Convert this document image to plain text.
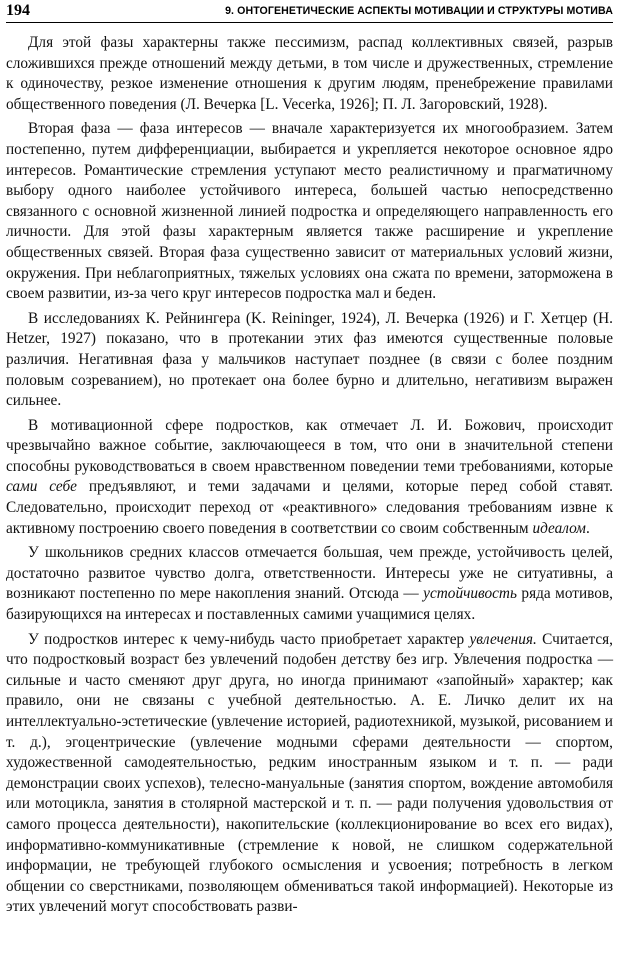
194	9. ОНТОГЕНЕТИЧЕСКИЕ АСПЕКТЫ МОТИВАЦИИ И СТРУКТУРЫ МОТИВА

Для этой фазы характерны также пессимизм, распад коллективных связей, разрыв сложившихся прежде отношений между детьми, в том числе и дружественных, стремление к одиночеству, резкое изменение отношения к другим людям, пренебрежение правилами общественного поведения (Л. Вечерка [L. Vecerka, 1926]; П. Л. Загоровский, 1928).

Вторая фаза — фаза интересов — вначале характеризуется их многообразием. Затем постепенно, путем дифференциации, выбирается и укрепляется некоторое основное ядро интересов. Романтические стремления уступают место реалистичному и прагматичному выбору одного наиболее устойчивого интереса, большей частью непосредственно связанного с основной жизненной линией подростка и определяющего направленность его личности. Для этой фазы характерным является также расширение и укрепление общественных связей. Вторая фаза существенно зависит от материальных условий жизни, окружения. При неблагоприятных, тяжелых условиях она сжата по времени, заторможена в своем развитии, из-за чего круг интересов подростка мал и беден.

В исследованиях К. Рейнингера (K. Reininger, 1924), Л. Вечерка (1926) и Г. Хетцер (H. Hetzer, 1927) показано, что в протекании этих фаз имеются существенные половые различия. Негативная фаза у мальчиков наступает позднее (в связи с более поздним половым созреванием), но протекает она более бурно и длительно, негативизм выражен сильнее.

В мотивационной сфере подростков, как отмечает Л. И. Божович, происходит чрезвычайно важное событие, заключающееся в том, что они в значительной степени способны руководствоваться в своем нравственном поведении теми требованиями, которые сами себе предъявляют, и теми задачами и целями, которые перед собой ставят. Следовательно, происходит переход от «реактивного» следования требованиям извне к активному построению своего поведения в соответствии со своим собственным идеалом.

У школьников средних классов отмечается большая, чем прежде, устойчивость целей, достаточно развитое чувство долга, ответственности. Интересы уже не ситуативны, а возникают постепенно по мере накопления знаний. Отсюда — устойчивость ряда мотивов, базирующихся на интересах и поставленных самими учащимися целях.

У подростков интерес к чему-нибудь часто приобретает характер увлечения. Считается, что подростковый возраст без увлечений подобен детству без игр. Увлечения подростка — сильные и часто сменяют друг друга, но иногда принимают «запойный» характер; как правило, они не связаны с учебной деятельностью. А. Е. Личко делит их на интеллектуально-эстетические (увлечение историей, радиотехникой, музыкой, рисованием и т. д.), эгоцентрические (увлечение модными сферами деятельности — спортом, художественной самодеятельностью, редким иностранным языком и т. п. — ради демонстрации своих успехов), телесно-мануальные (занятия спортом, вождение автомобиля или мотоцикла, занятия в столярной мастерской и т. п. — ради получения удовольствия от самого процесса деятельности), накопительские (коллекционирование во всех его видах), информативно-коммуникативные (стремление к новой, не слишком содержательной информации, не требующей глубокого осмысления и усвоения; потребность в легком общении со сверстниками, позволяющем обмениваться такой информацией). Некоторые из этих увлечений могут способствовать разви-
